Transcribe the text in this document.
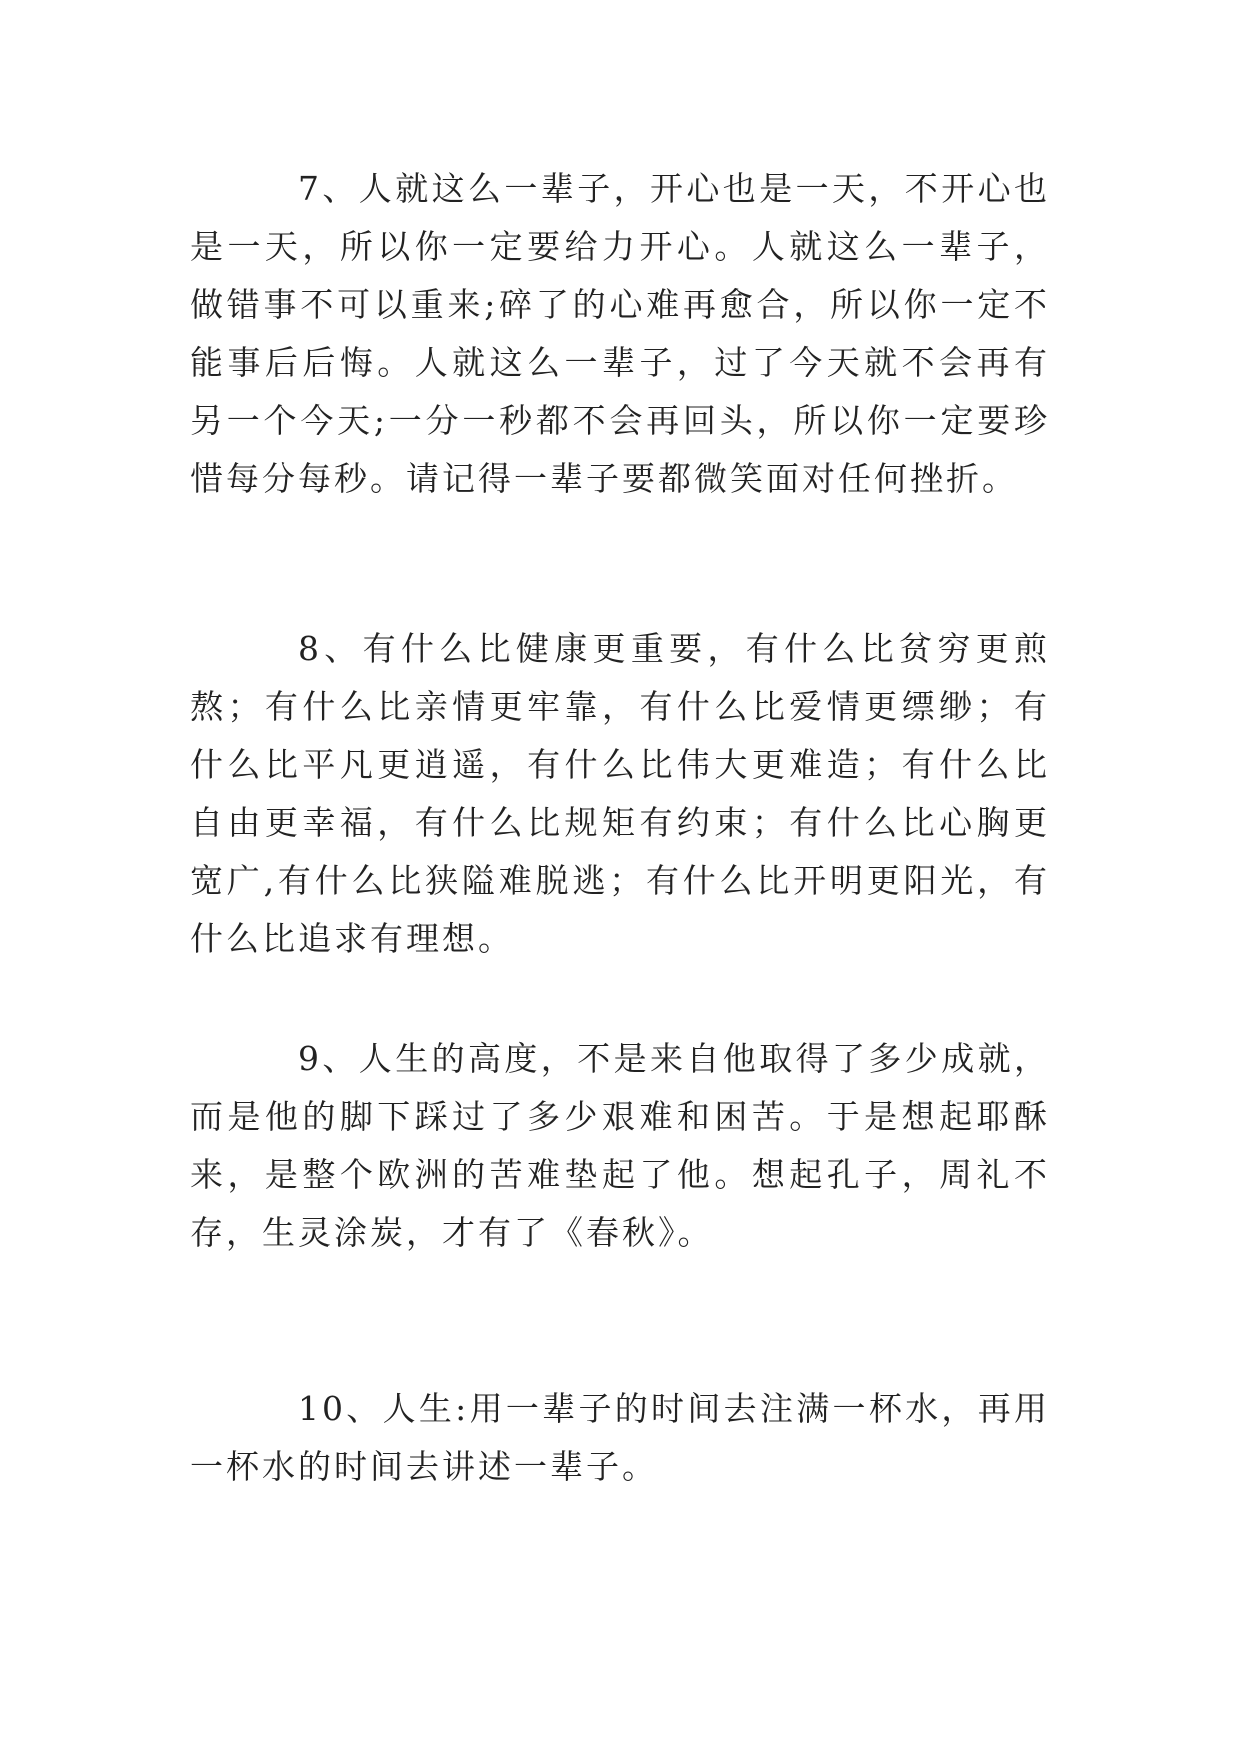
7、人就这么一辈子，开心也是一天，不开心也是一天，所以你一定要给力开心。人就这么一辈子，做错事不可以重来;碎了的心难再愈合，所以你一定不能事后后悔。人就这么一辈子，过了今天就不会再有另一个今天;一分一秒都不会再回头，所以你一定要珍惜每分每秒。请记得一辈子要都微笑面对任何挫折。

8、有什么比健康更重要，有什么比贫穷更煎熬；有什么比亲情更牢靠，有什么比爱情更缥缈；有什么比平凡更逍遥，有什么比伟大更难造；有什么比自由更幸福，有什么比规矩有约束；有什么比心胸更宽广,有什么比狭隘难脱逃；有什么比开明更阳光，有什么比追求有理想。

9、人生的高度，不是来自他取得了多少成就，而是他的脚下踩过了多少艰难和困苦。于是想起耶酥来，是整个欧洲的苦难垫起了他。想起孔子，周礼不存，生灵涂炭，才有了《春秋》。

10、人生:用一辈子的时间去注满一杯水，再用一杯水的时间去讲述一辈子。
